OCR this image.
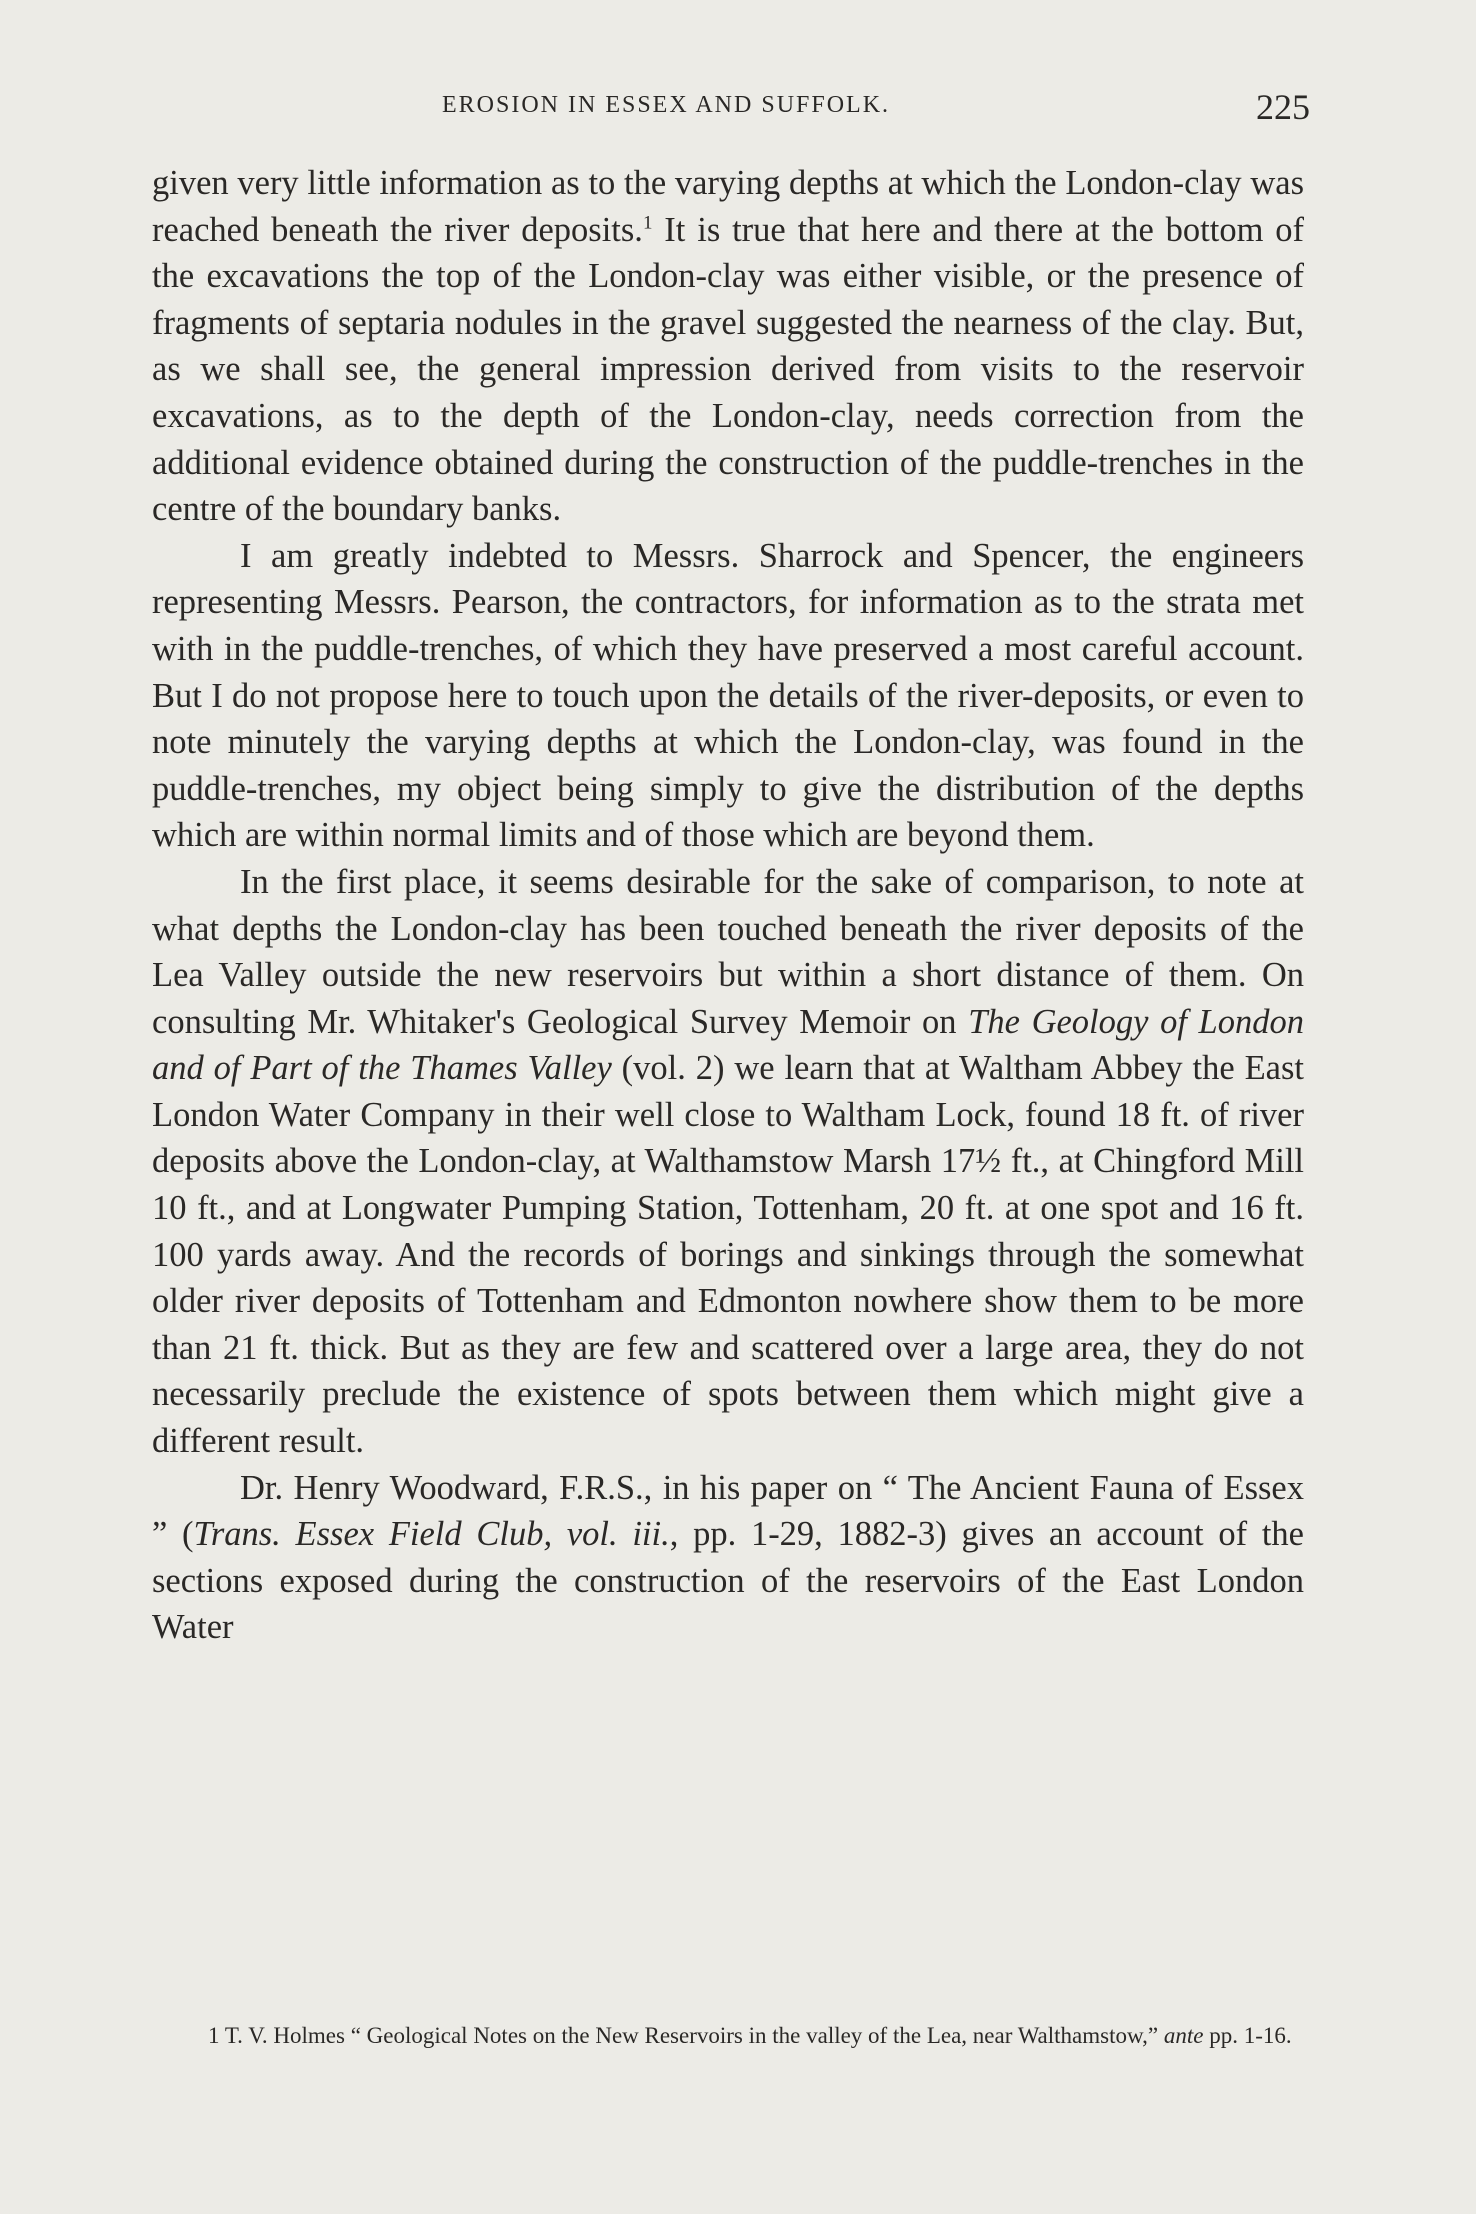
EROSION IN ESSEX AND SUFFOLK.	225

given very little information as to the varying depths at which the London-clay was reached beneath the river deposits.$^1$ It is true that here and there at the bottom of the excavations the top of the London-clay was either visible, or the presence of fragments of septaria nodules in the gravel suggested the nearness of the clay. But, as we shall see, the general impression derived from visits to the reservoir excavations, as to the depth of the London-clay, needs correction from the additional evidence obtained during the construction of the puddle-trenches in the centre of the boundary banks.

I am greatly indebted to Messrs. Sharrock and Spencer, the engineers representing Messrs. Pearson, the contractors, for information as to the strata met with in the puddle-trenches, of which they have preserved a most careful account. But I do not propose here to touch upon the details of the river-deposits, or even to note minutely the varying depths at which the London-clay, was found in the puddle-trenches, my object being simply to give the distribution of the depths which are within normal limits and of those which are beyond them.

In the first place, it seems desirable for the sake of comparison, to note at what depths the London-clay has been touched beneath the river deposits of the Lea Valley outside the new reservoirs but within a short distance of them. On consulting Mr. Whitaker's Geological Survey Memoir on The Geology of London and of Part of the Thames Valley (vol. 2) we learn that at Waltham Abbey the East London Water Company in their well close to Waltham Lock, found 18 ft. of river deposits above the London-clay, at Walthamstow Marsh 17½ ft., at Chingford Mill 10 ft., and at Longwater Pumping Station, Tottenham, 20 ft. at one spot and 16 ft. 100 yards away. And the records of borings and sinkings through the somewhat older river deposits of Tottenham and Edmonton nowhere show them to be more than 21 ft. thick. But as they are few and scattered over a large area, they do not necessarily preclude the existence of spots between them which might give a different result.

Dr. Henry Woodward, F.R.S., in his paper on “ The Ancient Fauna of Essex ” (Trans. Essex Field Club, vol. iii., pp. 1-29, 1882-3) gives an account of the sections exposed during the construction of the reservoirs of the East London Water

1 T. V. Holmes “ Geological Notes on the New Reservoirs in the valley of the Lea, near Walthamstow,” ante pp. 1-16.
